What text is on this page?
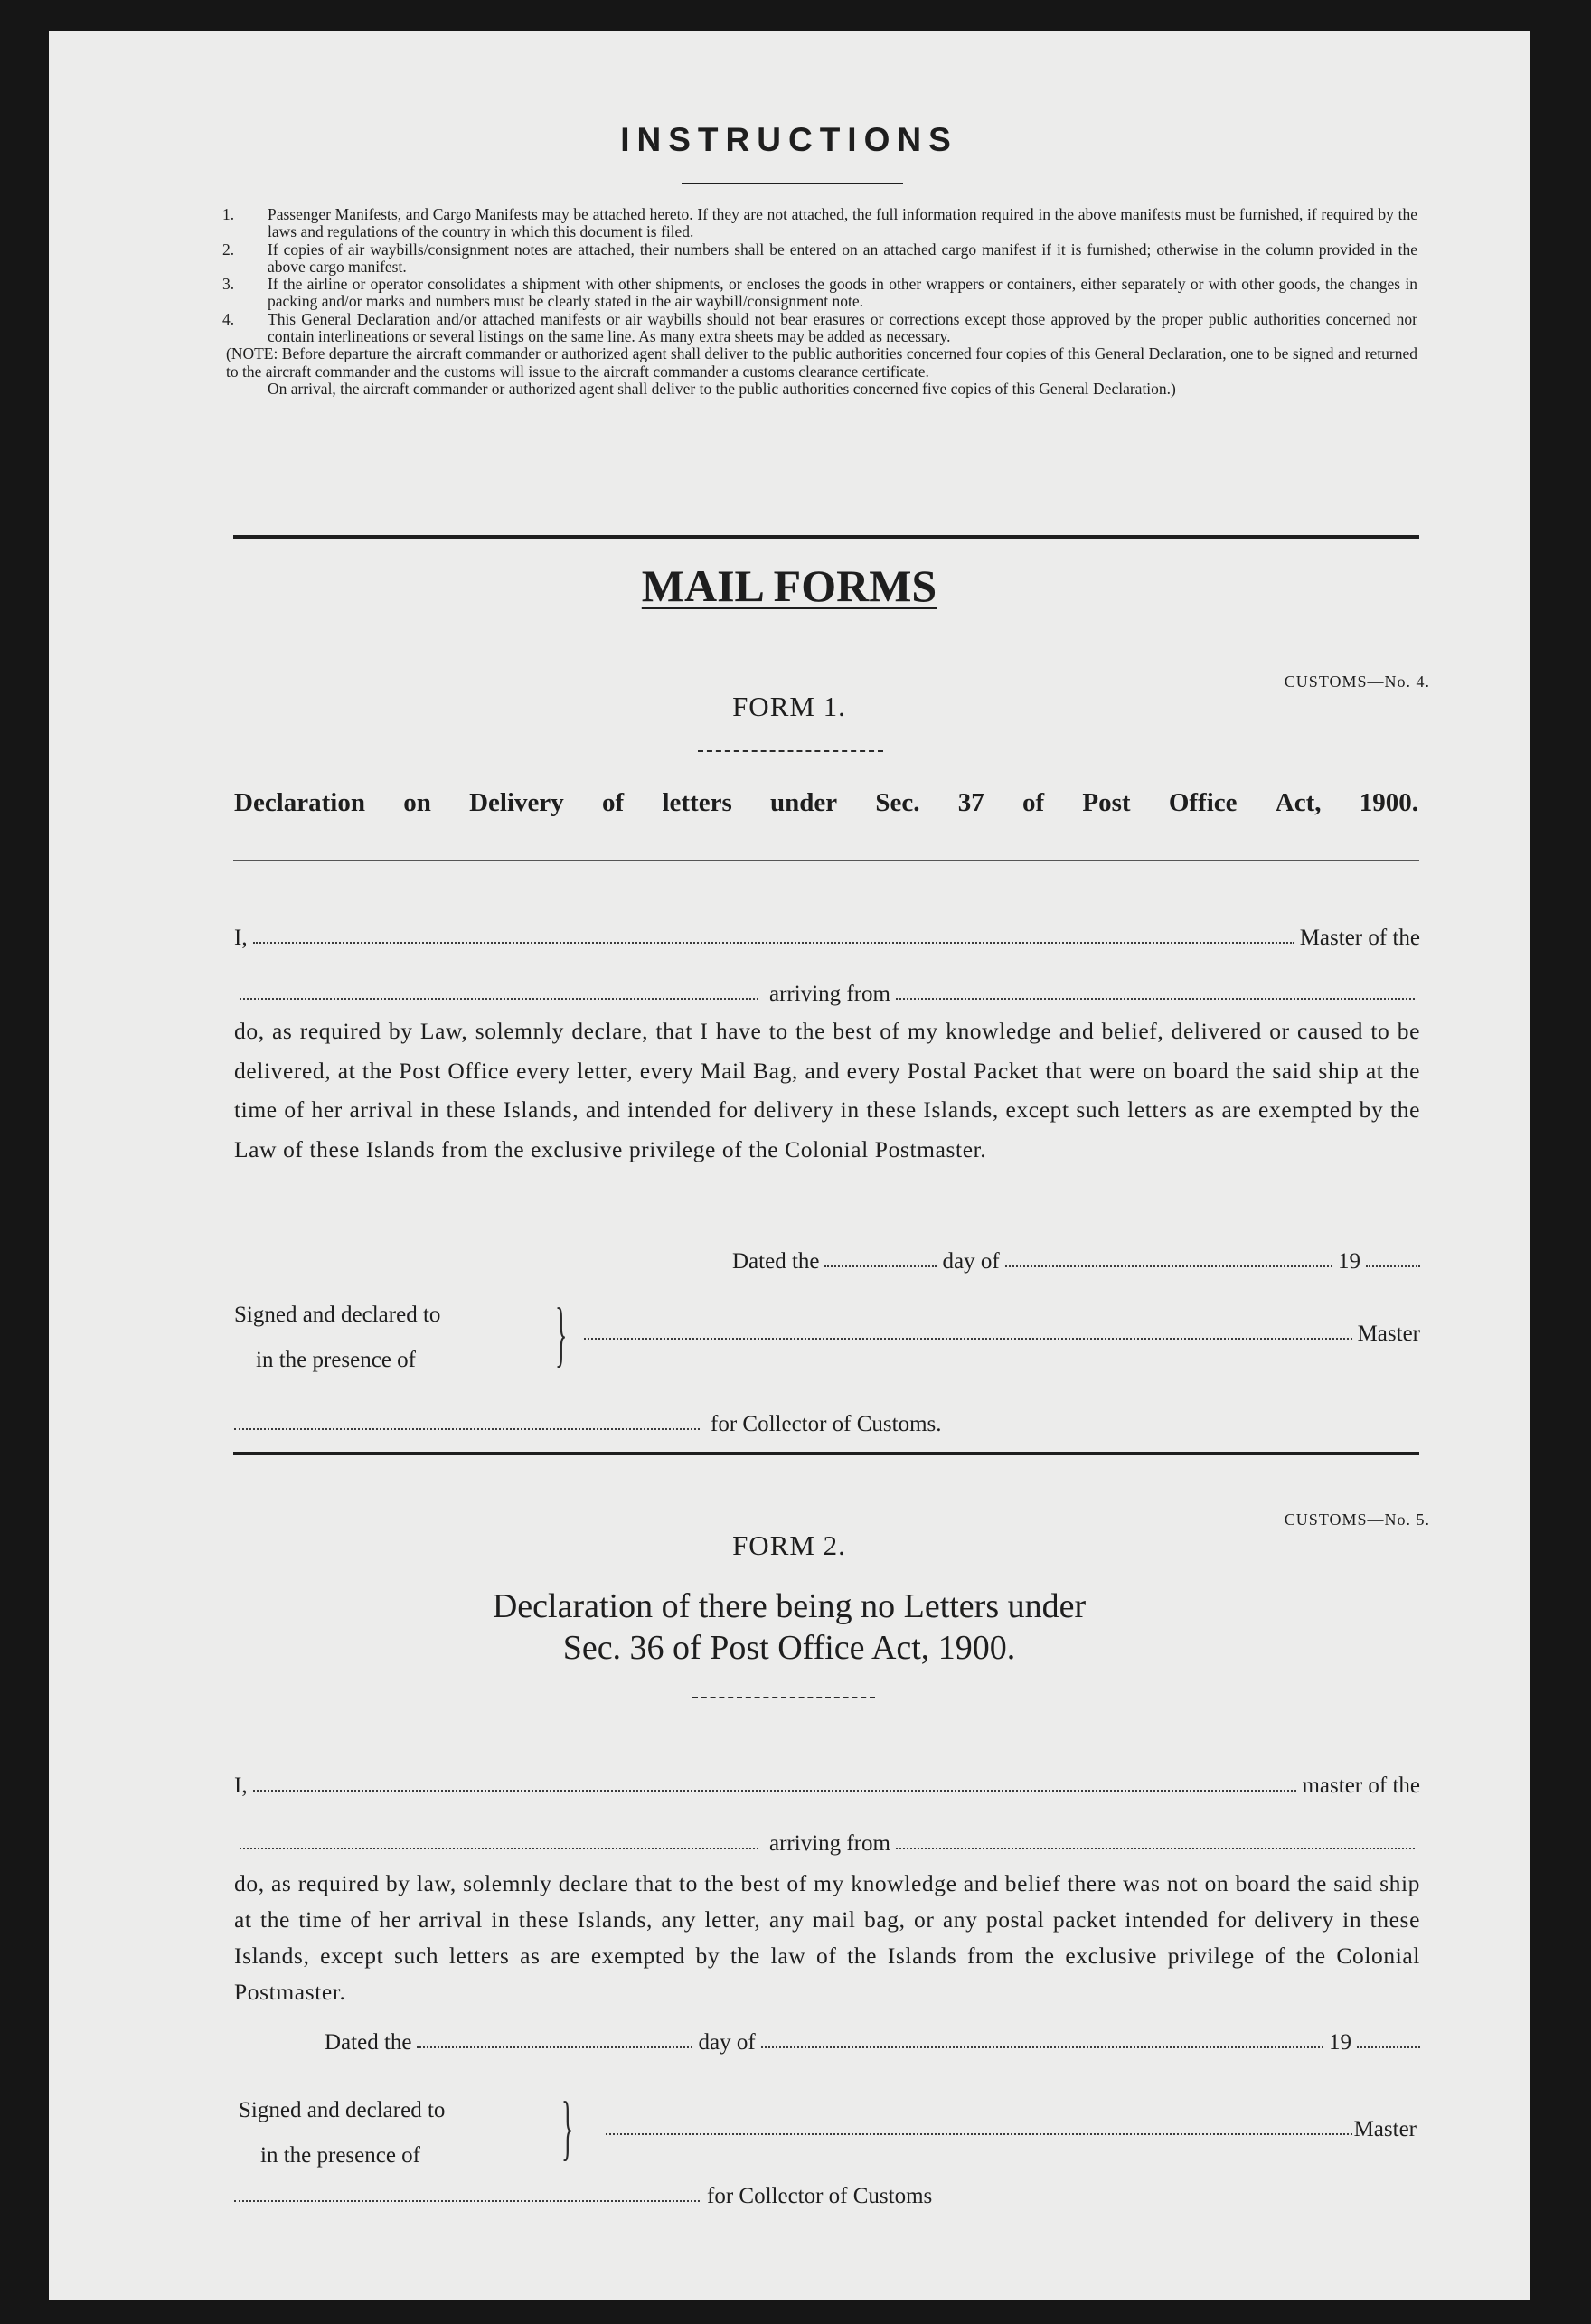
INSTRUCTIONS

1. Passenger Manifests, and Cargo Manifests may be attached hereto. If they are not attached, the full information required in the above manifests must be furnished, if required by the laws and regulations of the country in which this document is filed.

2. If copies of air waybills/consignment notes are attached, their numbers shall be entered on an attached cargo manifest if it is furnished; otherwise in the column provided in the above cargo manifest.

3. If the airline or operator consolidates a shipment with other shipments, or encloses the goods in other wrappers or containers, either separately or with other goods, the changes in packing and/or marks and numbers must be clearly stated in the air waybill/consignment note.

4. This General Declaration and/or attached manifests or air waybills should not bear erasures or corrections except those approved by the proper public authorities concerned nor contain interlineations or several listings on the same line. As many extra sheets may be added as necessary.

(NOTE: Before departure the aircraft commander or authorized agent shall deliver to the public authorities concerned four copies of this General Declaration, one to be signed and returned to the aircraft commander and the customs will issue to the aircraft commander a customs clearance certificate.

On arrival, the aircraft commander or authorized agent shall deliver to the public authorities concerned five copies of this General Declaration.)

MAIL FORMS
CUSTOMS—No. 4.
FORM 1.
Declaration on Delivery of letters under Sec. 37 of Post Office Act, 1900.
I,	Master of the
arriving from
do, as required by Law, solemnly declare, that I have to the best of my knowledge and belief, delivered or caused to be delivered, at the Post Office every letter, every Mail Bag, and every Postal Packet that were on board the said ship at the time of her arrival in these Islands, and intended for delivery in these Islands, except such letters as are exempted by the Law of these Islands from the exclusive privilege of the Colonial Postmaster.
Dated the	day of	19
Signed and declared to
in the presence of	}	Master
for Collector of Customs.
CUSTOMS—No. 5.
FORM 2.
Declaration of there being no Letters under
Sec. 36 of Post Office Act, 1900.
I,	master of the
arriving from
do, as required by law, solemnly declare that to the best of my knowledge and belief there was not on board the said ship at the time of her arrival in these Islands, any letter, any mail bag, or any postal packet intended for delivery in these Islands, except such letters as are exempted by the law of the Islands from the exclusive privilege of the Colonial Postmaster.
Dated the	day of	19
Signed and declared to
in the presence of	}	Master
for Collector of Customs
